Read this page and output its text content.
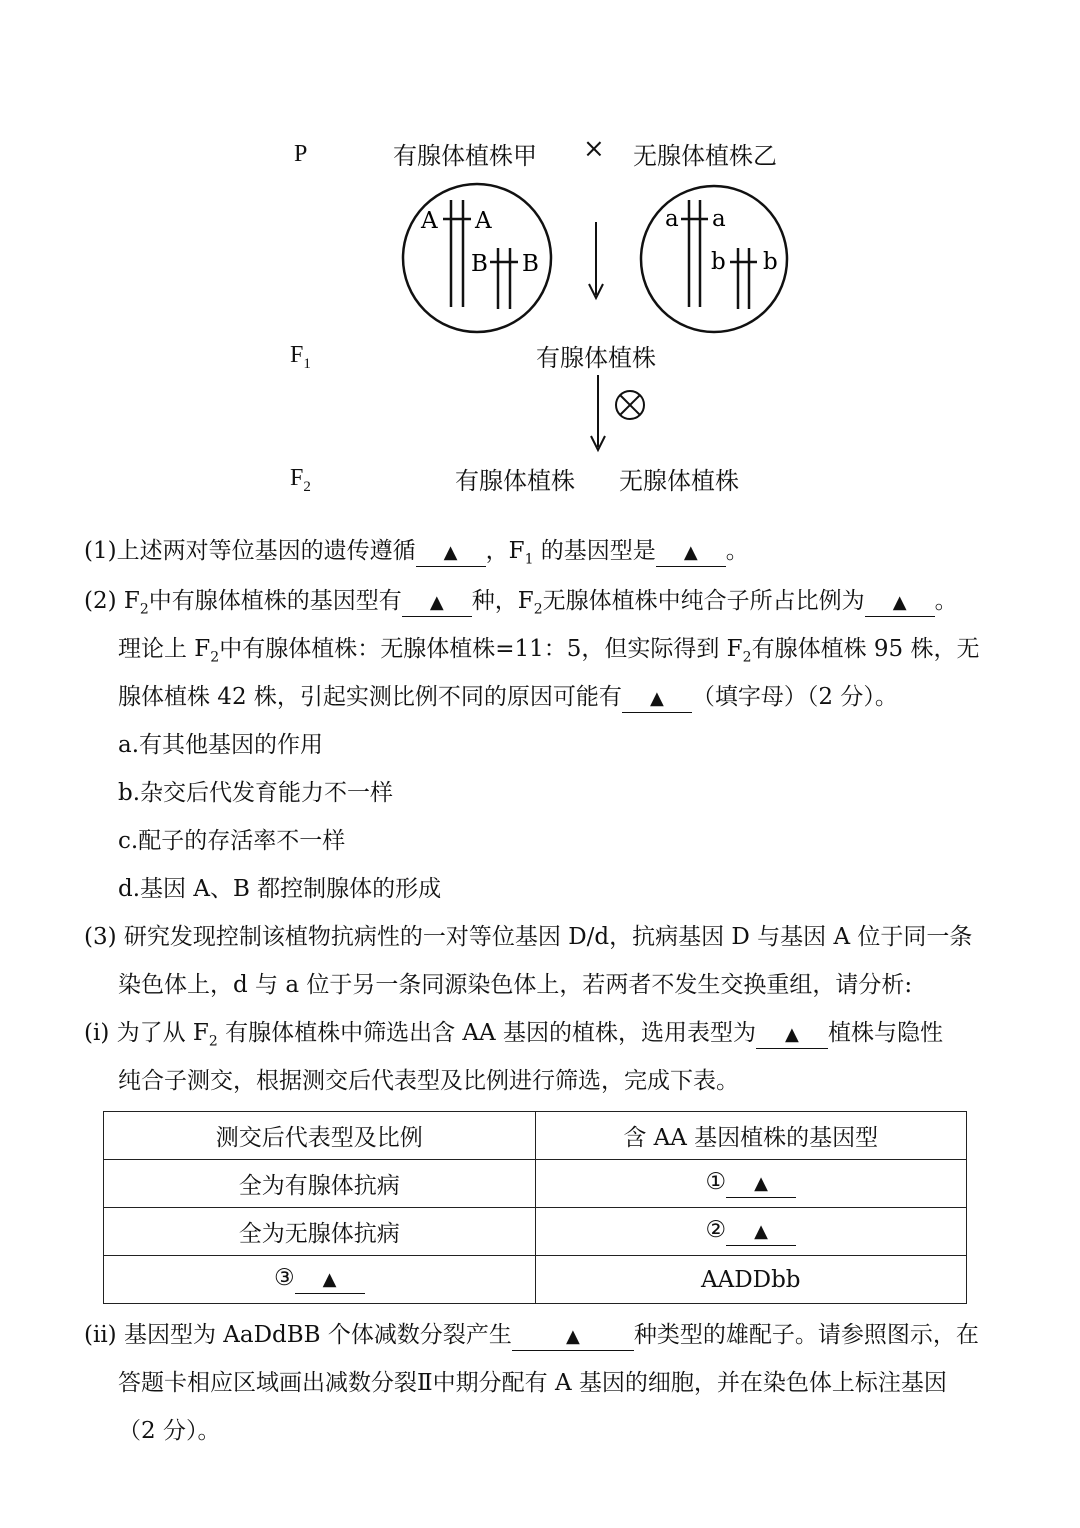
P
$F_1$
$F_2$
有腺体植株甲 × 无腺体植株乙
有腺体植株
有腺体植株 无腺体植株
A A
B B
a a
b b
(1)上述两对等位基因的遗传遵循 ▲ ，$F_1$ 的基因型是 ▲ 。
(2) $F_2$中有腺体植株的基因型有 ▲ 种，$F_2$无腺体植株中纯合子所占比例为 ▲ 。
理论上 $F_2$中有腺体植株：无腺体植株=11：5，但实际得到 $F_2$有腺体植株 95 株，无
腺体植株 42 株，引起实测比例不同的原因可能有 ▲ （填字母）（2 分）。
a.有其他基因的作用
b.杂交后代发育能力不一样
c.配子的存活率不一样
d.基因 A、B 都控制腺体的形成
(3) 研究发现控制该植物抗病性的一对等位基因 D/d，抗病基因 D 与基因 A 位于同一条
染色体上，d 与 a 位于另一条同源染色体上，若两者不发生交换重组，请分析:
(i) 为了从 $F_2$ 有腺体植株中筛选出含 AA 基因的植株，选用表型为 ▲ 植株与隐性
纯合子测交，根据测交后代表型及比例进行筛选，完成下表。
测交后代表型及比例	含 AA 基因植株的基因型
全为有腺体抗病	① ▲
全为无腺体抗病	② ▲
③ ▲	AADDbb
(ii) 基因型为 AaDdBB 个体减数分裂产生	▲ 种类型的雄配子。请参照图示，在
答题卡相应区域画出减数分裂Ⅱ中期分配有 A 基因的细胞，并在染色体上标注基因
（2 分）。
